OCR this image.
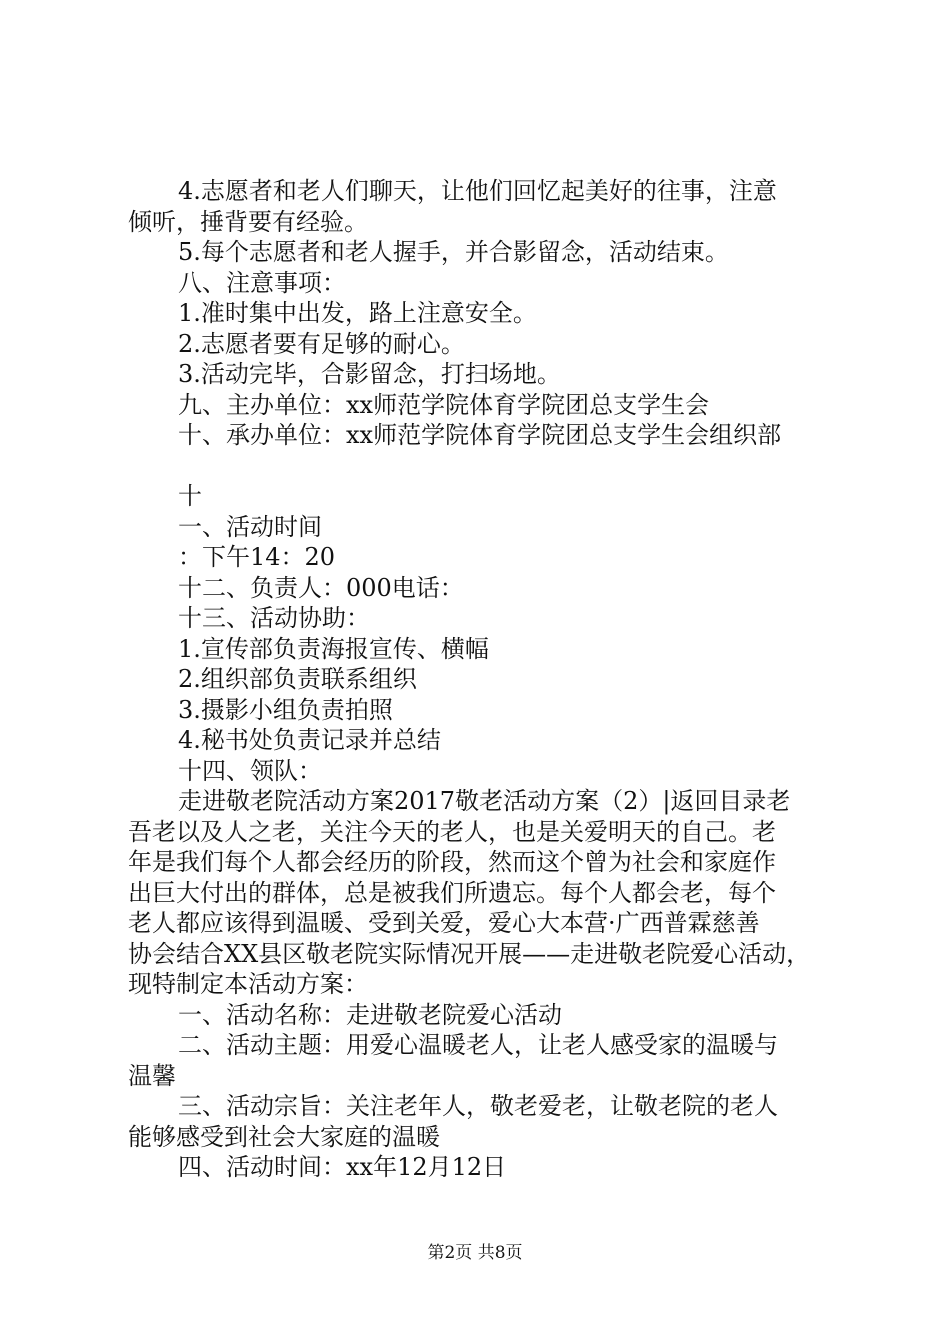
4.志愿者和老人们聊天，让他们回忆起美好的往事，注意
倾听，捶背要有经验。
5.每个志愿者和老人握手，并合影留念，活动结束。
八、注意事项：
1.准时集中出发，路上注意安全。
2.志愿者要有足够的耐心。
3.活动完毕，合影留念，打扫场地。
九、主办单位：xx师范学院体育学院团总支学生会
十、承办单位：xx师范学院体育学院团总支学生会组织部
十
一、活动时间
：下午14：20
十二、负责人：000电话：
十三、活动协助：
1.宣传部负责海报宣传、横幅
2.组织部负责联系组织
3.摄影小组负责拍照
4.秘书处负责记录并总结
十四、领队：
走进敬老院活动方案2017敬老活动方案（2）|返回目录老
吾老以及人之老，关注今天的老人，也是关爱明天的自己。老
年是我们每个人都会经历的阶段，然而这个曾为社会和家庭作
出巨大付出的群体，总是被我们所遗忘。每个人都会老，每个
老人都应该得到温暖、受到关爱，爱心大本营·广西普霖慈善
协会结合XX县区敬老院实际情况开展——走进敬老院爱心活动，
现特制定本活动方案：
一、活动名称：走进敬老院爱心活动
二、活动主题：用爱心温暖老人，让老人感受家的温暖与
温馨
三、活动宗旨：关注老年人，敬老爱老，让敬老院的老人
能够感受到社会大家庭的温暖
四、活动时间：xx年12月12日
第2页 共8页
